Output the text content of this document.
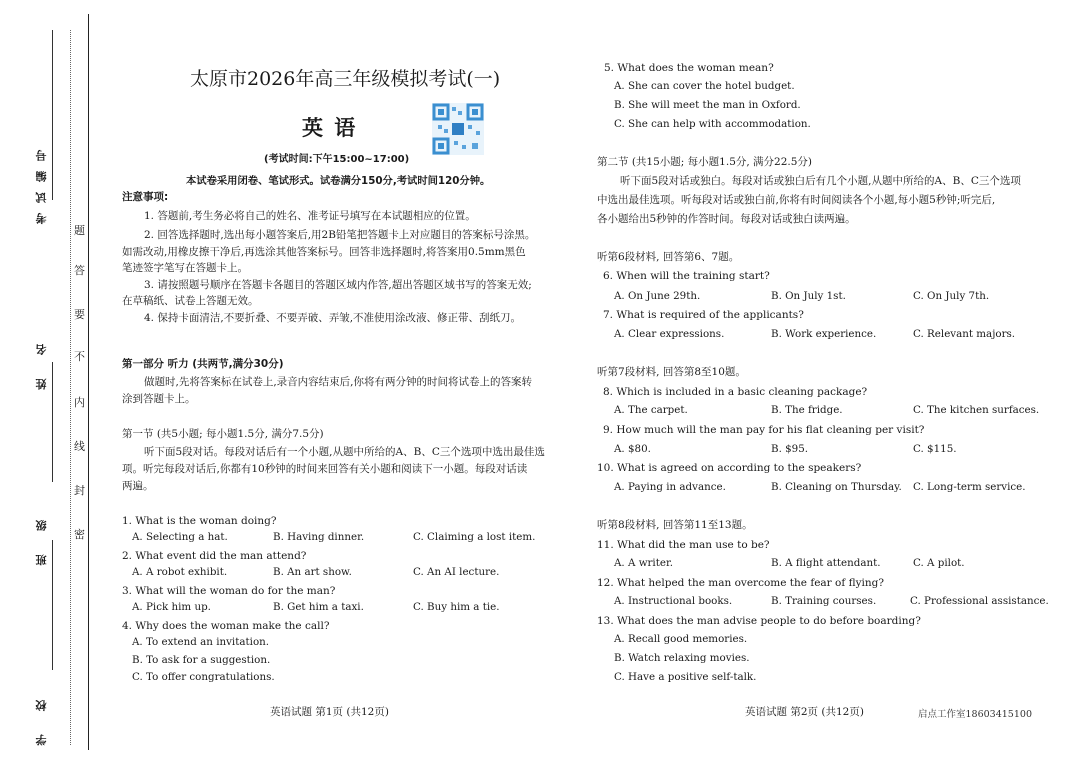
考试编号
姓 名
班 级
学 校
题
答
要
不
内
线
封
密
太原市2026年高三年级模拟考试(一)
英 语
(考试时间:下午15:00~17:00)
本试卷采用闭卷、笔试形式。试卷满分150分,考试时间120分钟。
注意事项:
1. 答题前,考生务必将自己的姓名、准考证号填写在本试题相应的位置。
2. 回答选择题时,选出每小题答案后,用2B铅笔把答题卡上对应题目的答案标号涂黑。
如需改动,用橡皮擦干净后,再选涂其他答案标号。回答非选择题时,将答案用0.5mm黑色
笔迹签字笔写在答题卡上。
3. 请按照题号顺序在答题卡各题目的答题区域内作答,超出答题区域书写的答案无效;
在草稿纸、试卷上答题无效。
4. 保持卡面清洁,不要折叠、不要弄破、弄皱,不准使用涂改液、修正带、刮纸刀。
第一部分 听力 (共两节,满分30分)
做题时,先将答案标在试卷上,录音内容结束后,你将有两分钟的时间将试卷上的答案转
涂到答题卡上。
第一节 (共5小题; 每小题1.5分, 满分7.5分)
听下面5段对话。每段对话后有一个小题,从题中所给的A、B、C三个选项中选出最佳选
项。听完每段对话后,你都有10秒钟的时间来回答有关小题和阅读下一小题。每段对话读
两遍。
1. What is the woman doing?
A. Selecting a hat.	B. Having dinner.	C. Claiming a lost item.
2. What event did the man attend?
A. A robot exhibit.	B. An art show.	C. An AI lecture.
3. What will the woman do for the man?
A. Pick him up.	B. Get him a taxi.	C. Buy him a tie.
4. Why does the woman make the call?
A. To extend an invitation.
B. To ask for a suggestion.
C. To offer congratulations.
英语试题 第1页 (共12页)
5. What does the woman mean?
A. She can cover the hotel budget.
B. She will meet the man in Oxford.
C. She can help with accommodation.
第二节 (共15小题; 每小题1.5分, 满分22.5分)
听下面5段对话或独白。每段对话或独白后有几个小题,从题中所给的A、B、C三个选项
中选出最佳选项。听每段对话或独白前,你将有时间阅读各个小题,每小题5秒钟;听完后,
各小题给出5秒钟的作答时间。每段对话或独白读两遍。
听第6段材料, 回答第6、7题。
6. When will the training start?
A. On June 29th.	B. On July 1st.	C. On July 7th.
7. What is required of the applicants?
A. Clear expressions.	B. Work experience.	C. Relevant majors.
听第7段材料, 回答第8至10题。
8. Which is included in a basic cleaning package?
A. The carpet.	B. The fridge.	C. The kitchen surfaces.
9. How much will the man pay for his flat cleaning per visit?
A. $80.	B. $95.	C. $115.
10. What is agreed on according to the speakers?
A. Paying in advance.	B. Cleaning on Thursday. C. Long-term service.
听第8段材料, 回答第11至13题。
11. What did the man use to be?
A. A writer.	B. A flight attendant.	C. A pilot.
12. What helped the man overcome the fear of flying?
A. Instructional books.	B. Training courses.	C. Professional assistance.
13. What does the man advise people to do before boarding?
A. Recall good memories.
B. Watch relaxing movies.
C. Have a positive self-talk.
英语试题 第2页 (共12页)	启点工作室18603415100
